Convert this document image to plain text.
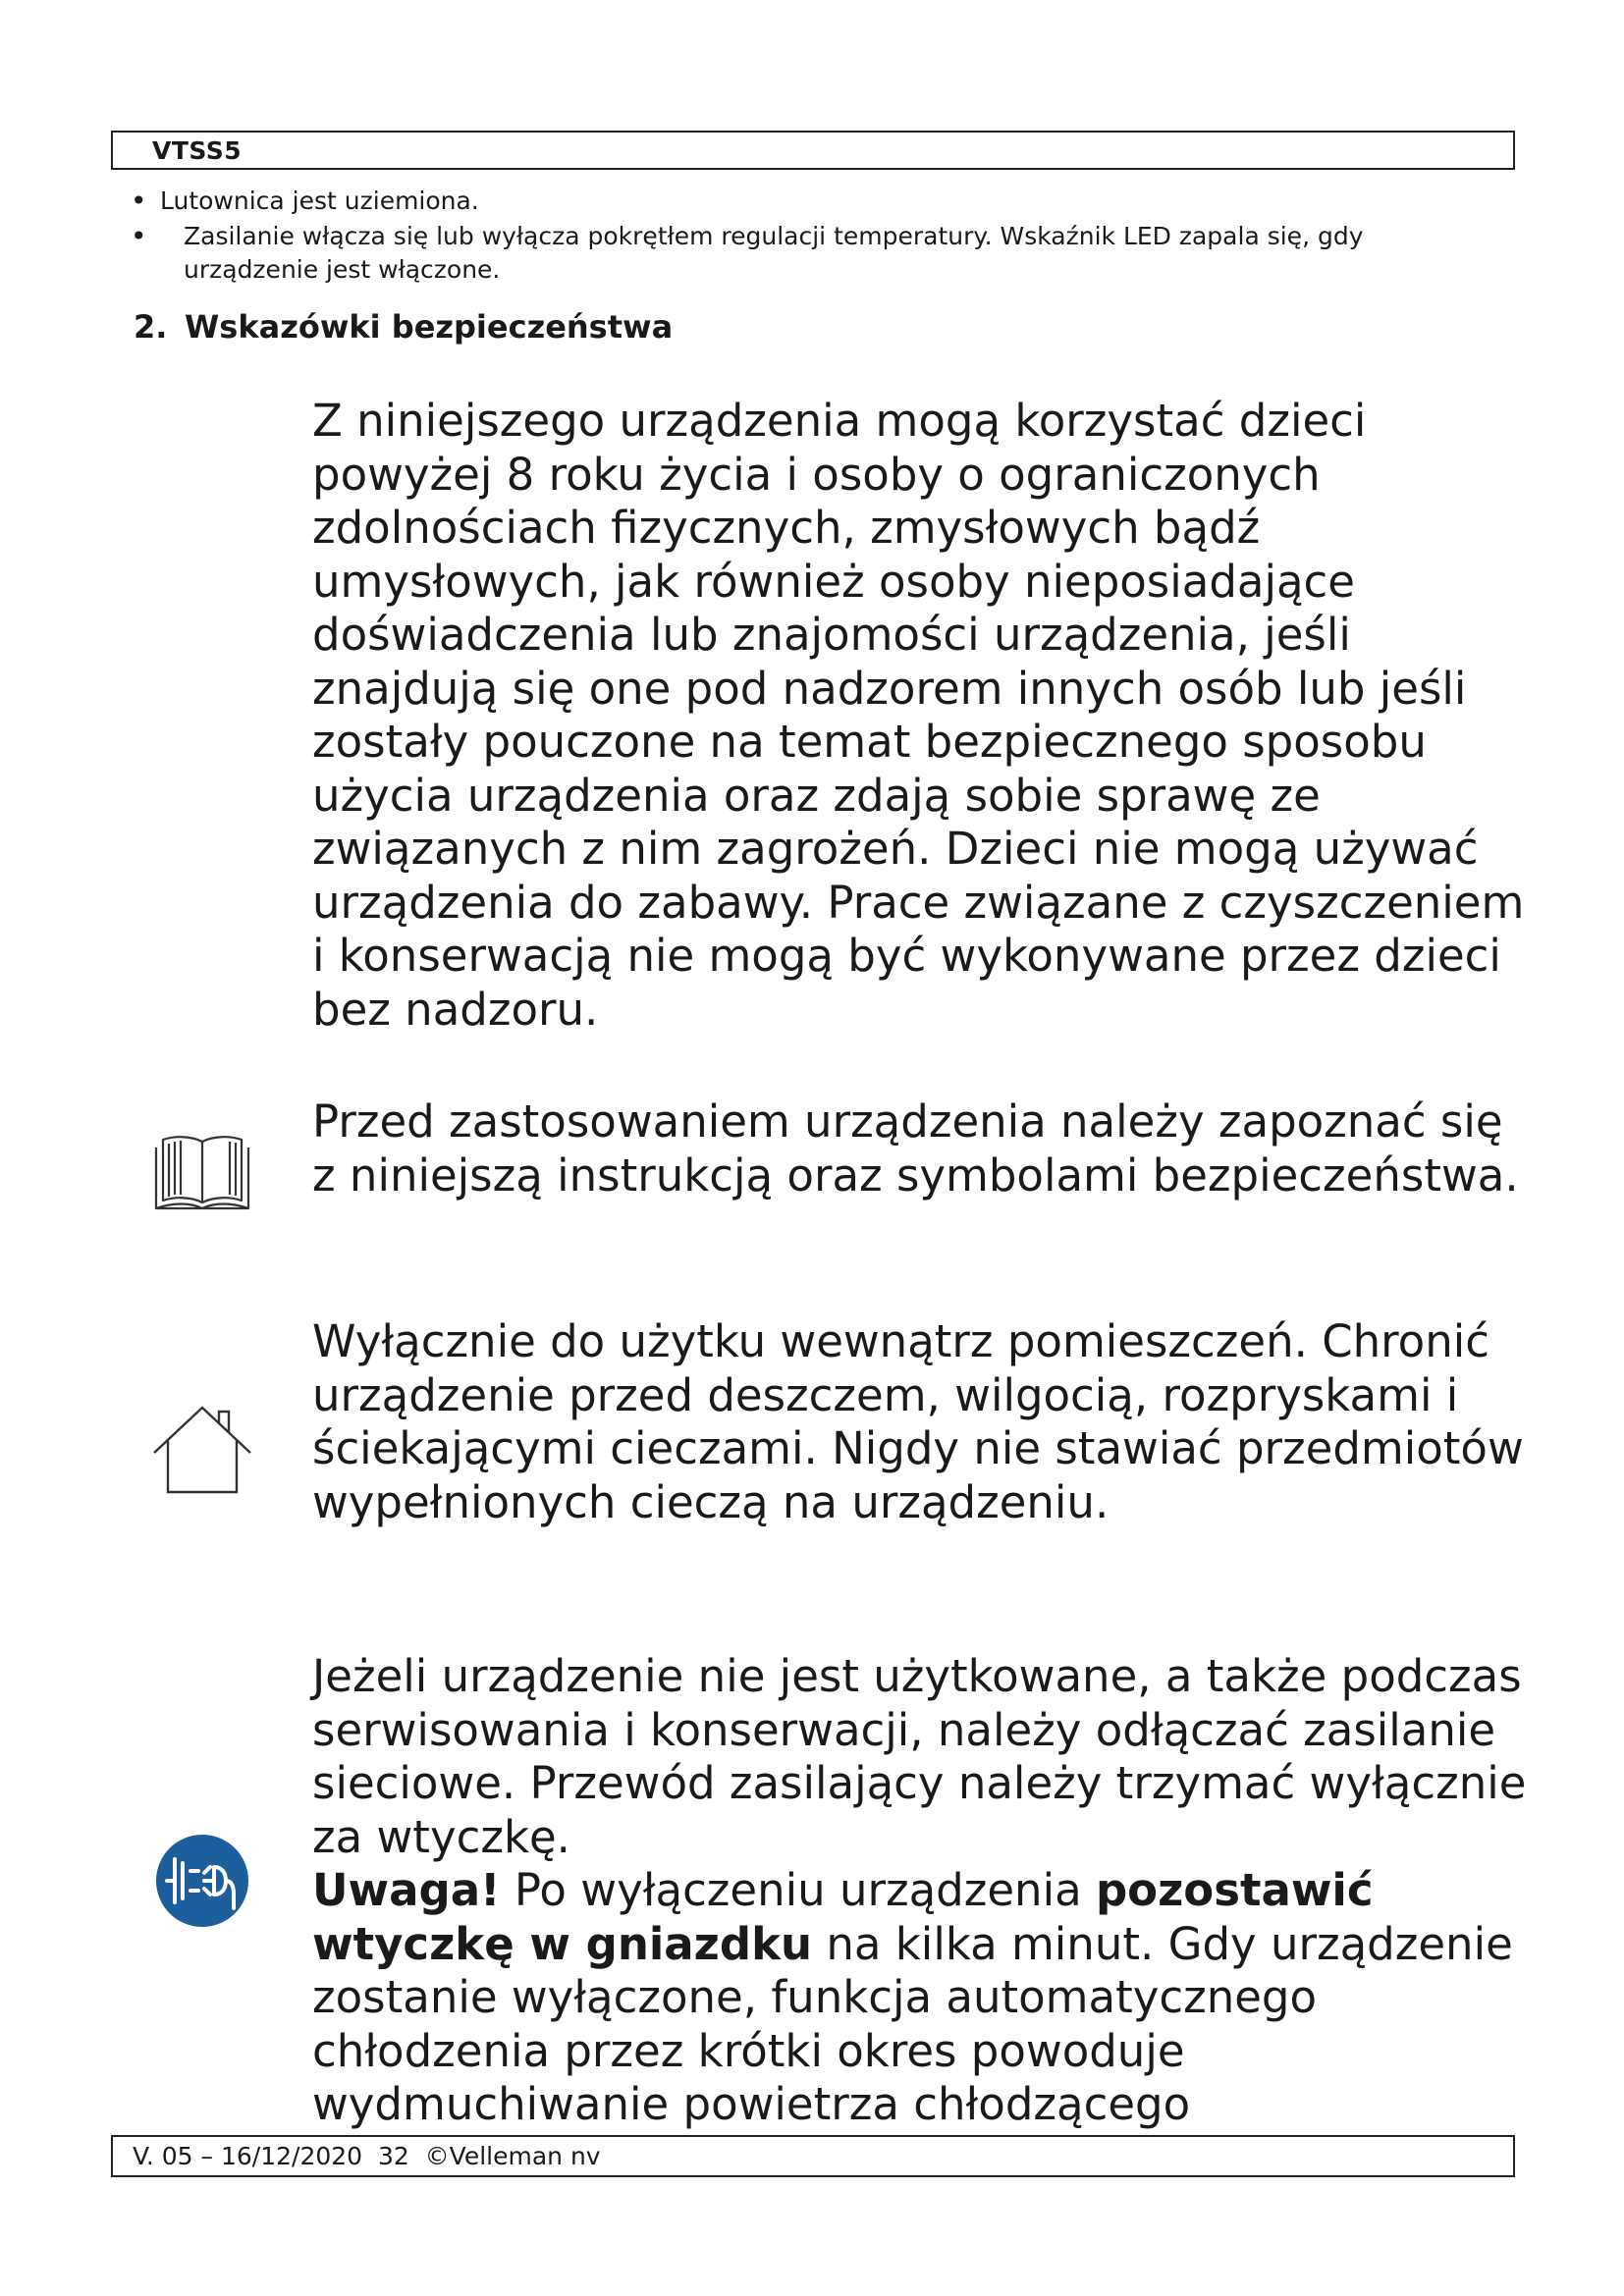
VTSS5
• Lutownica jest uziemiona.
• Zasilanie włącza się lub wyłącza pokrętłem regulacji temperatury. Wskaźnik LED zapala się, gdy urządzenie jest włączone.
2. Wskazówki bezpieczeństwa

Z niniejszego urządzenia mogą korzystać dzieci powyżej 8 roku życia i osoby o ograniczonych zdolnościach fizycznych, zmysłowych bądź umysłowych, jak również osoby nieposiadające doświadczenia lub znajomości urządzenia, jeśli znajdują się one pod nadzorem innych osób lub jeśli zostały pouczone na temat bezpiecznego sposobu użycia urządzenia oraz zdają sobie sprawę ze związanych z nim zagrożeń. Dzieci nie mogą używać urządzenia do zabawy. Prace związane z czyszczeniem i konserwacją nie mogą być wykonywane przez dzieci bez nadzoru.

Przed zastosowaniem urządzenia należy zapoznać się z niniejszą instrukcją oraz symbolami bezpieczeństwa.

Wyłącznie do użytku wewnątrz pomieszczeń. Chronić urządzenie przed deszczem, wilgocią, rozpryskami i ściekającymi cieczami. Nigdy nie stawiać przedmiotów wypełnionych cieczą na urządzeniu.

Jeżeli urządzenie nie jest użytkowane, a także podczas serwisowania i konserwacji, należy odłączać zasilanie sieciowe. Przewód zasilający należy trzymać wyłącznie za wtyczkę.
Uwaga! Po wyłączeniu urządzenia pozostawić wtyczkę w gniazdku na kilka minut. Gdy urządzenie zostanie wyłączone, funkcja automatycznego chłodzenia przez krótki okres powoduje wydmuchiwanie powietrza chłodzącego

V. 05 – 16/12/2020  32  ©Velleman nv
